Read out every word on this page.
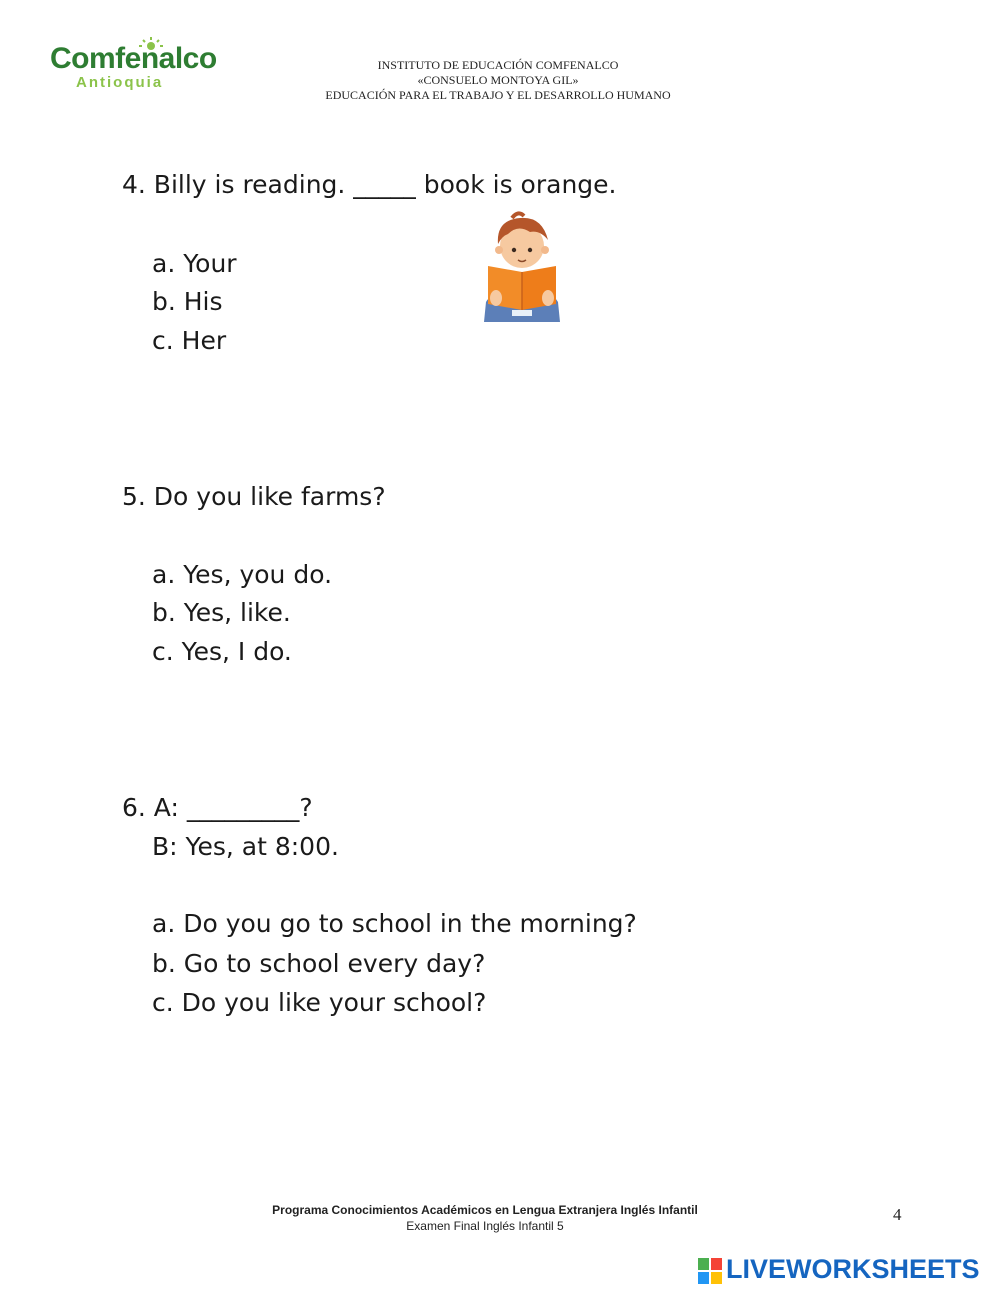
Comfenalco
Antioquia
INSTITUTO DE EDUCACIÓN COMFENALCO
«CONSUELO MONTOYA GIL»
EDUCACIÓN PARA EL TRABAJO Y EL DESARROLLO HUMANO
4. Billy is reading. _____ book is orange.
a. Your
b. His
c. Her
5. Do you like farms?
a. Yes, you do.
b. Yes, like.
c. Yes, I do.
6. A: _________?
B: Yes, at 8:00.
a. Do you go to school in the morning?
b. Go to school every day?
c. Do you like your school?
Programa Conocimientos Académicos en Lengua Extranjera Inglés Infantil
Examen Final Inglés Infantil 5
4
LIVEWORKSHEETS
